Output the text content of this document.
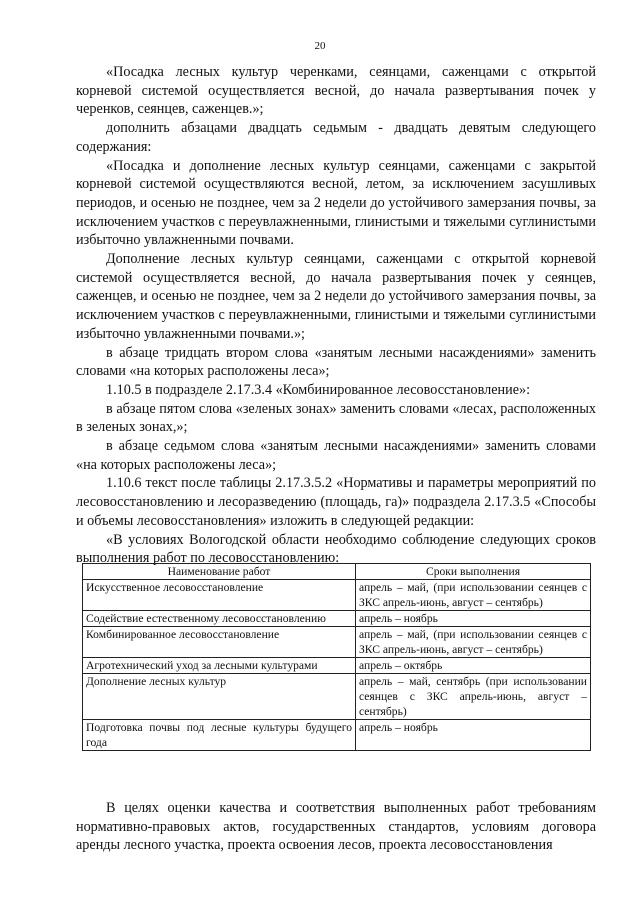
20

«Посадка лесных культур черенками, сеянцами, саженцами с открытой корневой системой осуществляется весной, до начала развертывания почек у черенков, сеянцев, саженцев.»;

дополнить абзацами двадцать седьмым - двадцать девятым следующего содержания:

«Посадка и дополнение лесных культур сеянцами, саженцами с закрытой корневой системой осуществляются весной, летом, за исключением засушливых периодов, и осенью не позднее, чем за 2 недели до устойчивого замерзания почвы, за исключением участков с переувлажненными, глинистыми и тяжелыми суглинистыми избыточно увлажненными почвами.

Дополнение лесных культур сеянцами, саженцами с открытой корневой системой осуществляется весной, до начала развертывания почек у сеянцев, саженцев, и осенью не позднее, чем за 2 недели до устойчивого замерзания почвы, за исключением участков с переувлажненными, глинистыми и тяжелыми суглинистыми избыточно увлажненными почвами.»;

в абзаце тридцать втором слова «занятым лесными насаждениями» заменить словами «на которых расположены леса»;

1.10.5 в подразделе 2.17.3.4 «Комбинированное лесовосстановление»:

в абзаце пятом слова «зеленых зонах» заменить словами «лесах, расположенных в зеленых зонах,»;

в абзаце седьмом слова «занятым лесными насаждениями» заменить словами «на которых расположены леса»;

1.10.6 текст после таблицы 2.17.3.5.2 «Нормативы и параметры мероприятий по лесовосстановлению и лесоразведению (площадь, га)» подраздела 2.17.3.5 «Способы и объемы лесовосстановления» изложить в следующей редакции:

«В условиях Вологодской области необходимо соблюдение следующих сроков выполнения работ по лесовосстановлению:

Наименование работ	Сроки выполнения
Искусственное лесовосстановление	апрель – май, (при использовании сеянцев с ЗКС апрель-июнь, август – сентябрь)
Содействие естественному лесовосстановлению	апрель – ноябрь
Комбинированное лесовосстановление	апрель – май, (при использовании сеянцев с ЗКС апрель-июнь, август – сентябрь)
Агротехнический уход за лесными культурами	апрель – октябрь
Дополнение лесных культур	апрель – май, сентябрь (при использовании сеянцев с ЗКС апрель-июнь, август – сентябрь)
Подготовка почвы под лесные культуры будущего года	апрель – ноябрь

В целях оценки качества и соответствия выполненных работ требованиям нормативно-правовых актов, государственных стандартов, условиям договора аренды лесного участка, проекта освоения лесов, проекта лесовосстановления
